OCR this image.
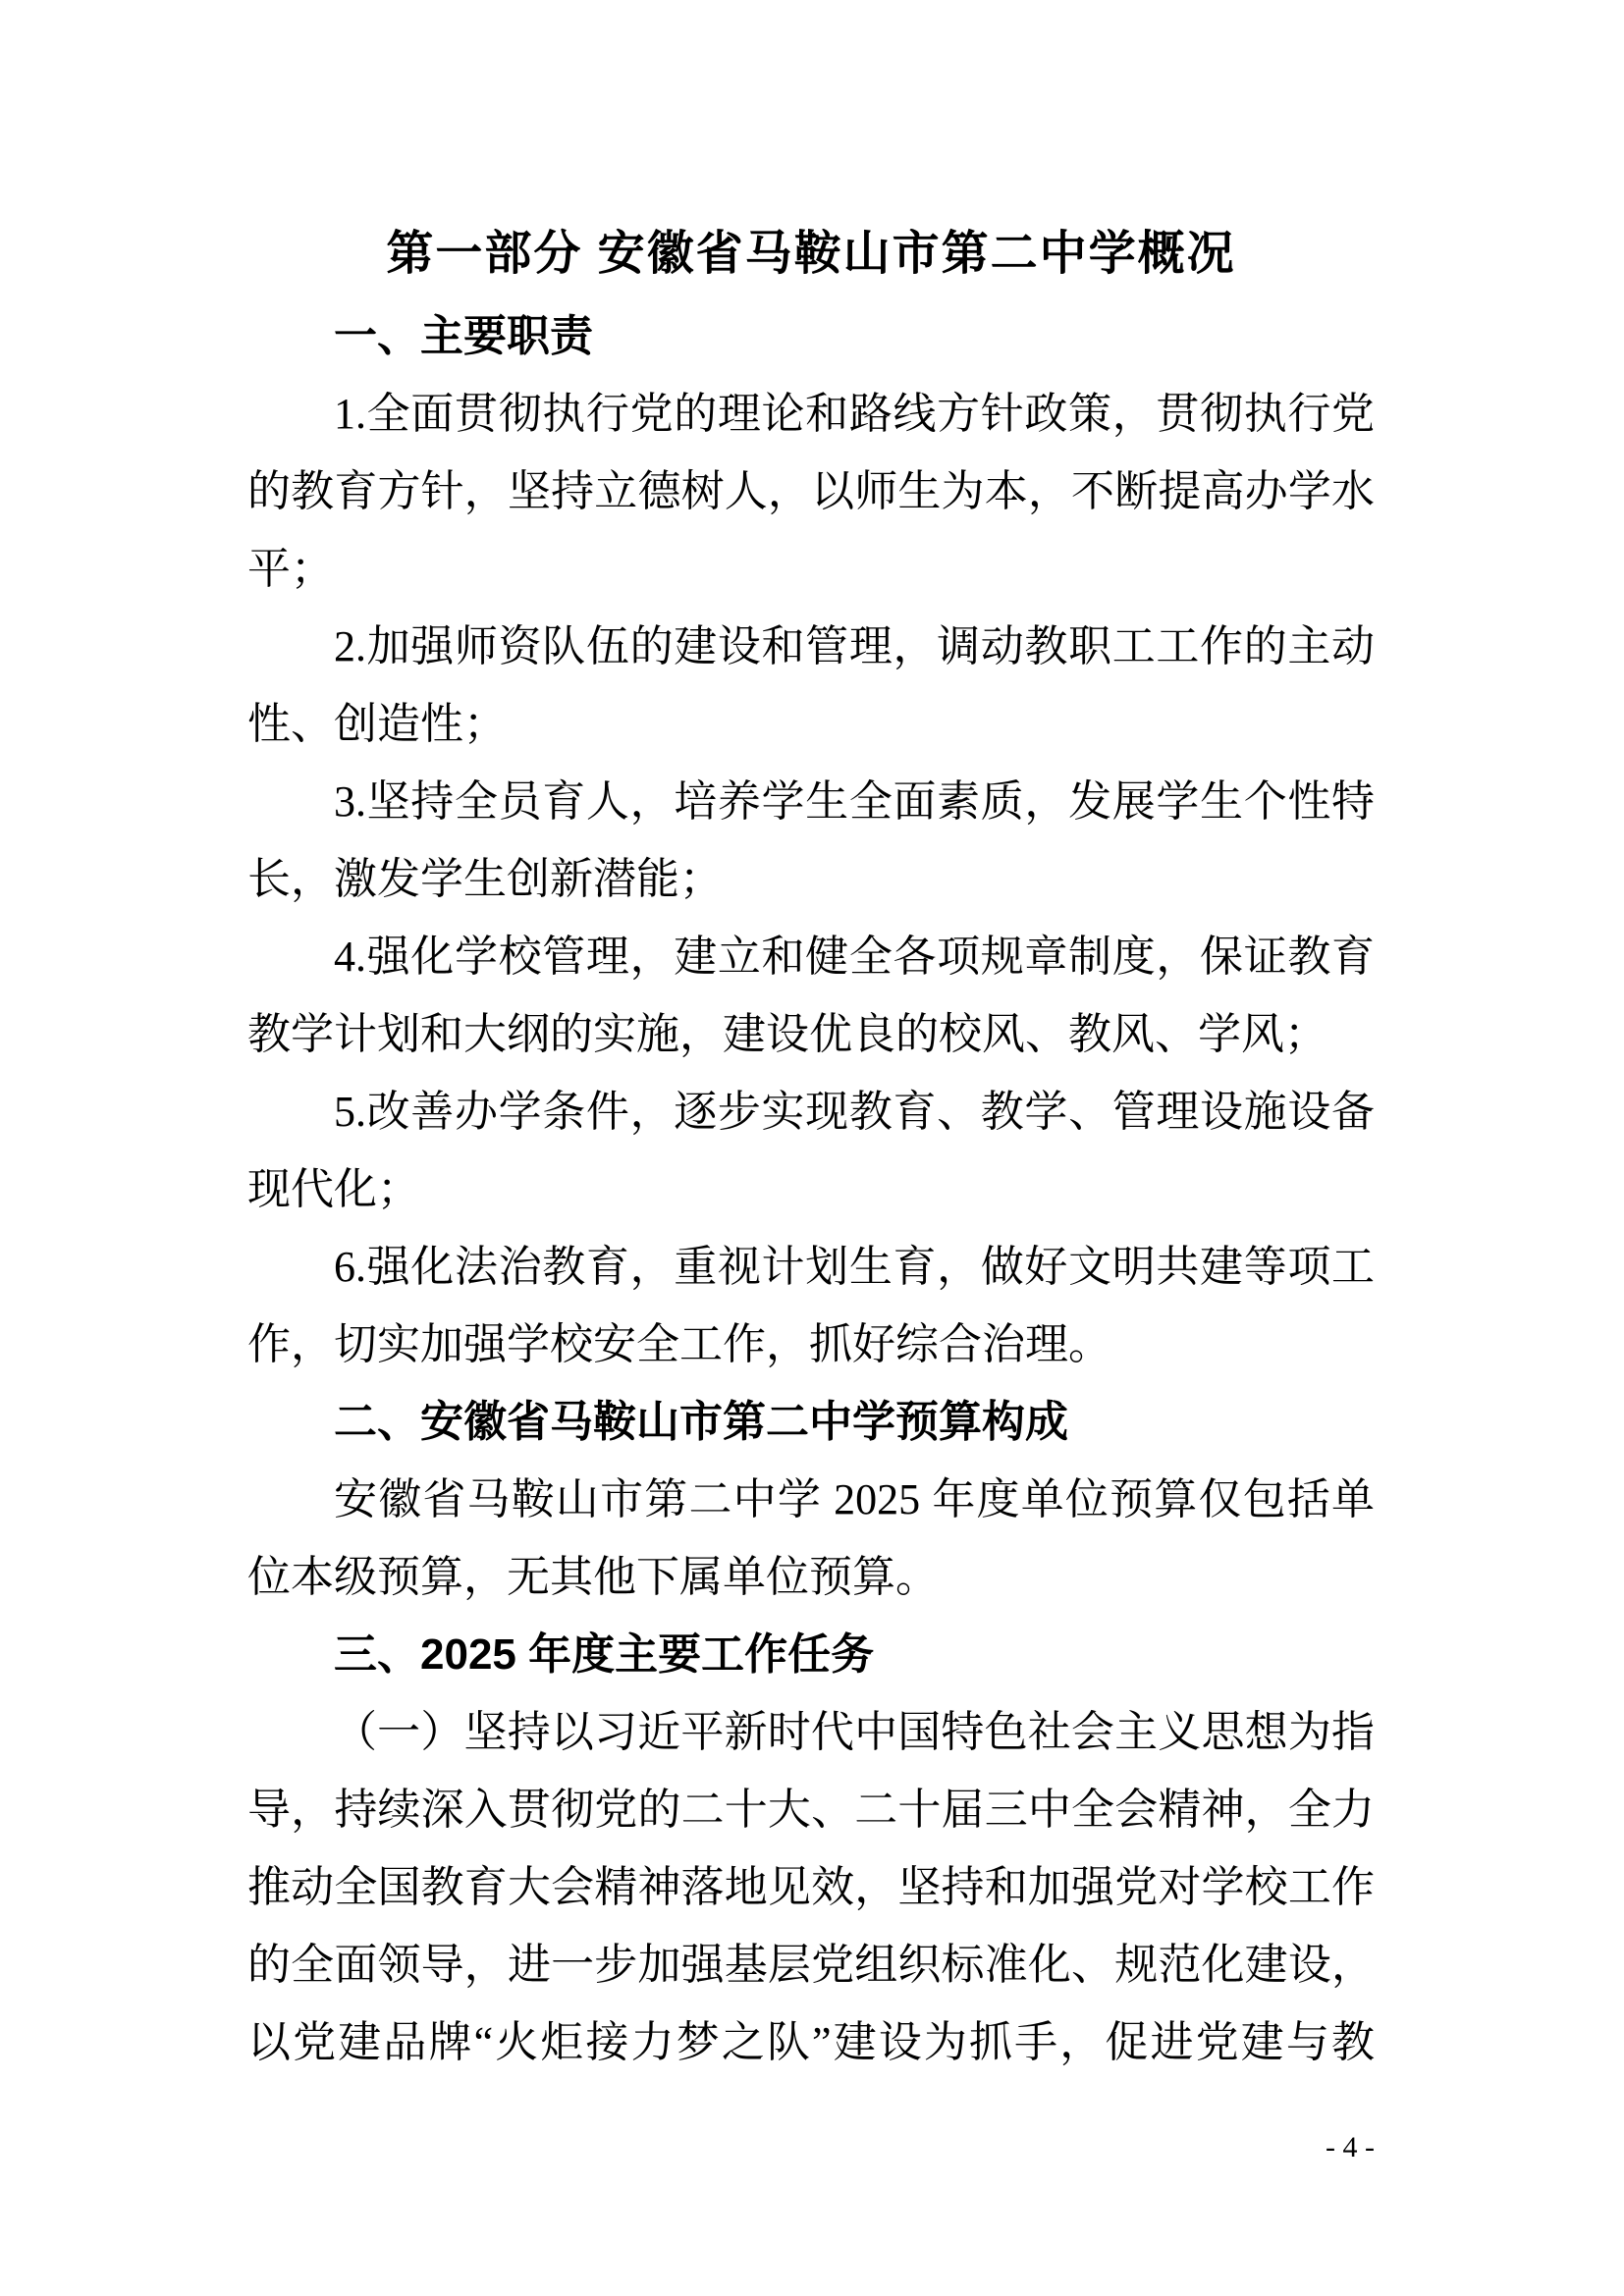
第一部分 安徽省马鞍山市第二中学概况
一、主要职责
1.全面贯彻执行党的理论和路线方针政策，贯彻执行党
的教育方针，坚持立德树人，以师生为本，不断提高办学水
平；
2.加强师资队伍的建设和管理，调动教职工工作的主动
性、创造性；
3.坚持全员育人，培养学生全面素质，发展学生个性特
长，激发学生创新潜能；
4.强化学校管理，建立和健全各项规章制度，保证教育
教学计划和大纲的实施，建设优良的校风、教风、学风；
5.改善办学条件，逐步实现教育、教学、管理设施设备
现代化；
6.强化法治教育，重视计划生育，做好文明共建等项工
作，切实加强学校安全工作，抓好综合治理。
二、安徽省马鞍山市第二中学预算构成
安徽省马鞍山市第二中学 2025 年度单位预算仅包括单
位本级预算，无其他下属单位预算。
三、2025 年度主要工作任务
（一）坚持以习近平新时代中国特色社会主义思想为指
导，持续深入贯彻党的二十大、二十届三中全会精神，全力
推动全国教育大会精神落地见效，坚持和加强党对学校工作
的全面领导，进一步加强基层党组织标准化、规范化建设，
以党建品牌“火炬接力梦之队”建设为抓手，促进党建与教
- 4 -
